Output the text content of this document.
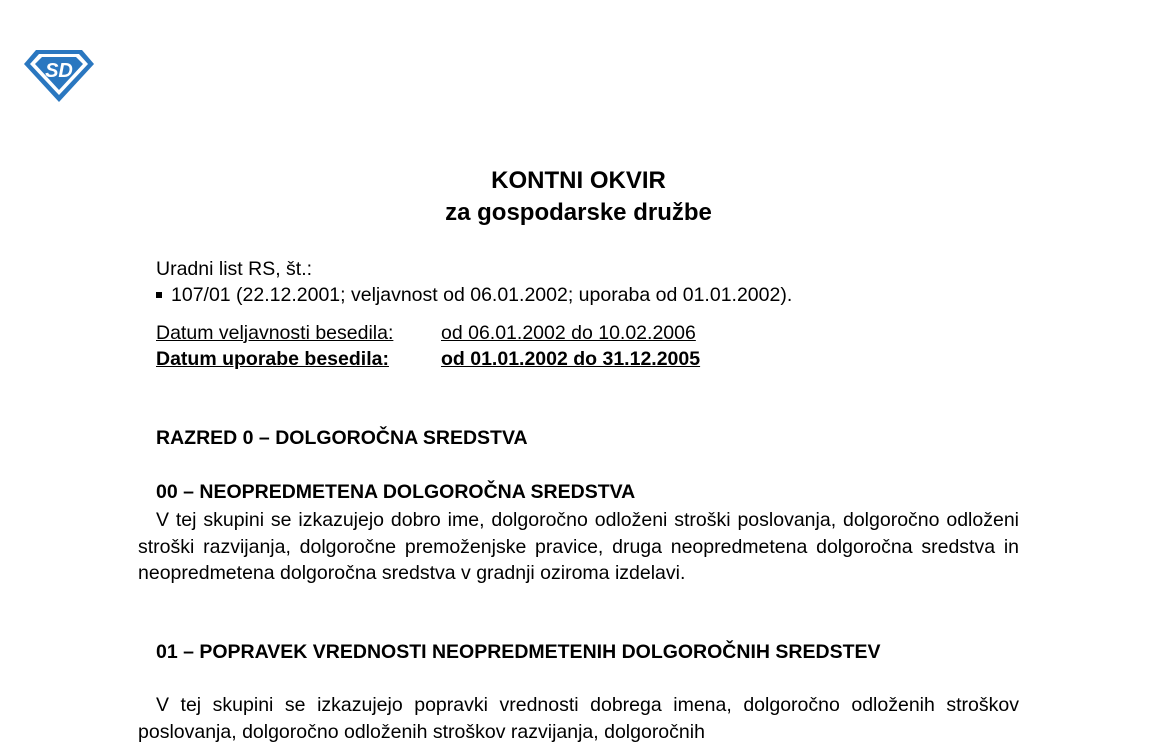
SD
KONTNI OKVIR
za gospodarske družbe
Uradni list RS, št.:
107/01 (22.12.2001; veljavnost od 06.01.2002; uporaba od 01.01.2002).
Datum veljavnosti besedila:	od 06.01.2002 do 10.02.2006
Datum uporabe besedila:	od 01.01.2002 do 31.12.2005
RAZRED 0 – DOLGOROČNA SREDSTVA
00 – NEOPREDMETENA DOLGOROČNA SREDSTVA

V tej skupini se izkazujejo dobro ime, dolgoročno odloženi stroški poslovanja, dolgoročno odloženi stroški razvijanja, dolgoročne premoženjske pravice, druga neopredmetena dolgoročna sredstva in neopredmetena dolgoročna sredstva v gradnji oziroma izdelavi.

01 – POPRAVEK VREDNOSTI NEOPREDMETENIH DOLGOROČNIH SREDSTEV

V tej skupini se izkazujejo popravki vrednosti dobrega imena, dolgoročno odloženih stroškov poslovanja, dolgoročno odloženih stroškov razvijanja, dolgoročnih
